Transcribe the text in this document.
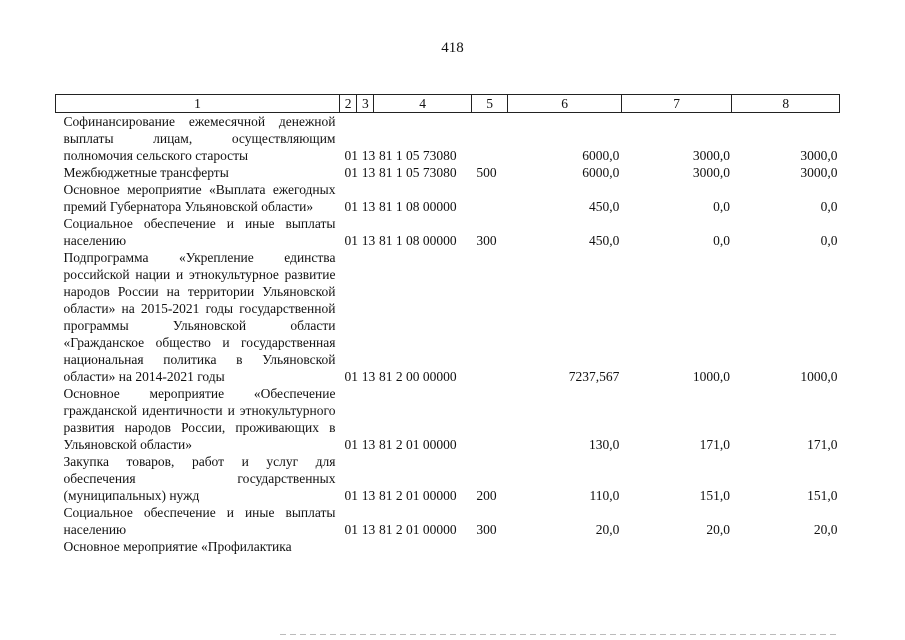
418
1	2	3	4	5	6	7	8
Софинансирование ежемесячной денежной выплаты лицам, осуществляющим полномочия сельского старосты	01	13	81 1 05 73080		6000,0	3000,0	3000,0
Межбюджетные трансферты	01	13	81 1 05 73080	500	6000,0	3000,0	3000,0
Основное мероприятие «Выплата ежегодных премий Губернатора Ульяновской области»	01	13	81 1 08 00000		450,0	0,0	0,0
Социальное обеспечение и иные выплаты населению	01	13	81 1 08 00000	300	450,0	0,0	0,0
Подпрограмма «Укрепление единства российской нации и этнокультурное развитие народов России на территории Ульяновской области» на 2015-2021 годы государственной программы Ульяновской области «Гражданское общество и государственная национальная политика в Ульяновской области» на 2014-2021 годы	01	13	81 2 00 00000		7237,567	1000,0	1000,0
Основное мероприятие «Обеспечение гражданской идентичности и этнокультурного развития народов России, проживающих в Ульяновской области»	01	13	81 2 01 00000		130,0	171,0	171,0
Закупка товаров, работ и услуг для обеспечения государственных (муниципальных) нужд	01	13	81 2 01 00000	200	110,0	151,0	151,0
Социальное обеспечение и иные выплаты населению	01	13	81 2 01 00000	300	20,0	20,0	20,0
Основное мероприятие «Профилактика							
